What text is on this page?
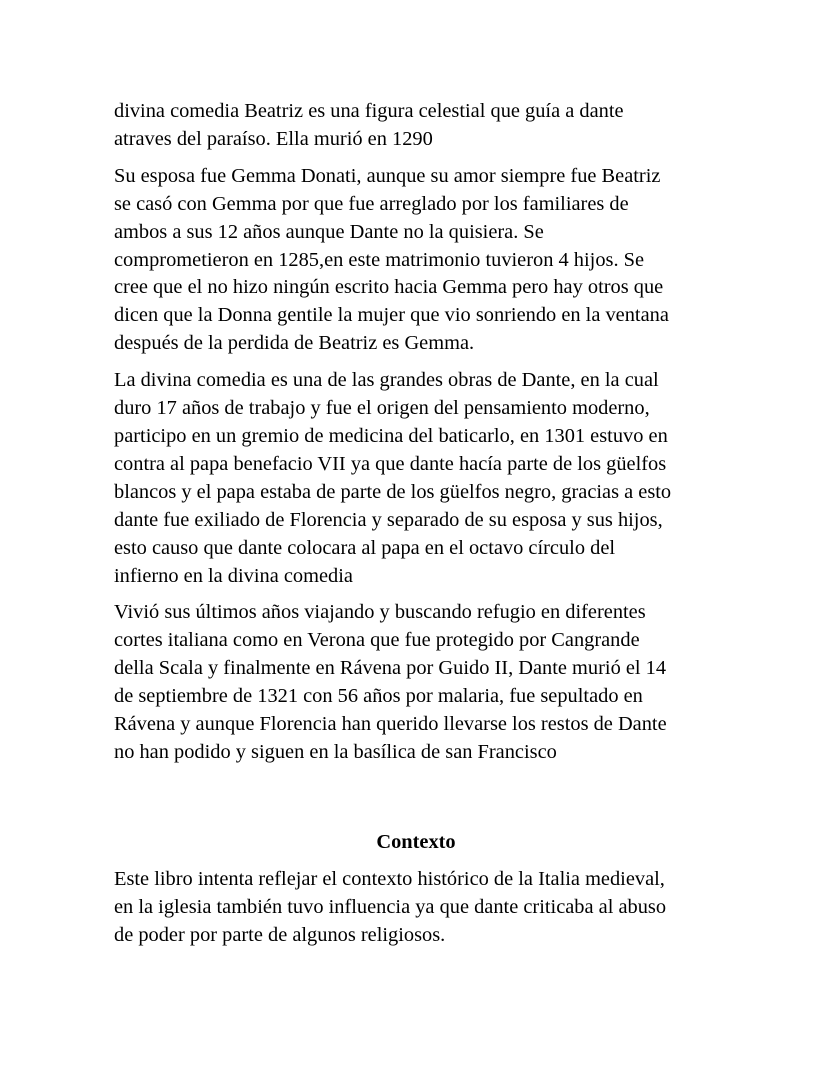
divina comedia Beatriz es una figura celestial que guía a dante
atraves del paraíso. Ella murió en 1290

Su esposa fue Gemma Donati, aunque su amor siempre fue Beatriz
se casó con Gemma por que fue arreglado por los familiares de
ambos a sus 12 años aunque Dante no la quisiera. Se
comprometieron en 1285,en este matrimonio tuvieron 4 hijos. Se
cree que el no hizo ningún escrito hacia Gemma pero hay otros que
dicen que la Donna gentile la mujer que vio sonriendo en la ventana
después de la perdida de Beatriz es Gemma.

La divina comedia es una de las grandes obras de Dante, en la cual
duro 17 años de trabajo y fue el origen del pensamiento moderno,
participo en un gremio de medicina del baticarlo, en 1301 estuvo en
contra al papa benefacio VII ya que dante hacía parte de los güelfos
blancos y el papa estaba de parte de los güelfos negro, gracias a esto
dante fue exiliado de Florencia y separado de su esposa y sus hijos,
esto causo que dante colocara al papa en el octavo círculo del
infierno en la divina comedia

Vivió sus últimos años viajando y buscando refugio en diferentes
cortes italiana como en Verona que fue protegido por Cangrande
della Scala y finalmente en Rávena por Guido II, Dante murió el 14
de septiembre de 1321 con 56 años por malaria, fue sepultado en
Rávena y aunque Florencia han querido llevarse los restos de Dante
no han podido y siguen en la basílica de san Francisco

Contexto

Este libro intenta reflejar el contexto histórico de la Italia medieval,
en la iglesia también tuvo influencia ya que dante criticaba al abuso
de poder por parte de algunos religiosos.
